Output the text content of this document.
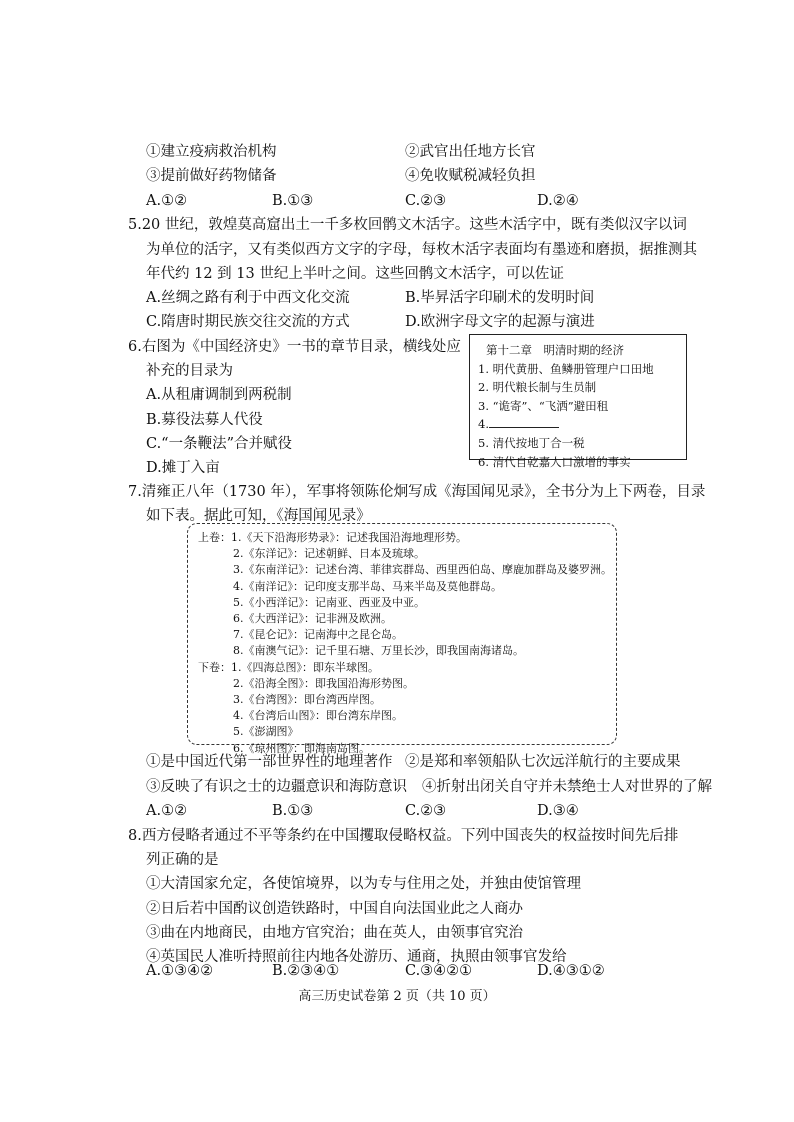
①建立疫病救治机构	②武官出任地方长官
③提前做好药物储备	④免收赋税减轻负担
A.①②	B.①③	C.②③	D.②④
5.20 世纪，敦煌莫高窟出土一千多枚回鹘文木活字。这些木活字中，既有类似汉字以词
为单位的活字，又有类似西方文字的字母，每枚木活字表面均有墨迹和磨损，据推测其
年代约 12 到 13 世纪上半叶之间。这些回鹘文木活字，可以佐证
A.丝绸之路有利于中西文化交流	B.毕昇活字印刷术的发明时间
C.隋唐时期民族交往交流的方式	D.欧洲字母文字的起源与演进
6.右图为《中国经济史》一书的章节目录，横线处应
补充的目录为
A.从租庸调制到两税制
B.募役法募人代役
C.“一条鞭法”合并赋役
D.摊丁入亩
第十二章　明清时期的经济
1. 明代黄册、鱼鳞册管理户口田地
2. 明代粮长制与生员制
3. “诡寄”、“飞洒”避田租
4.
5. 清代按地丁合一税
6. 清代自乾嘉人口激增的事实
7.清雍正八年（1730 年），军事将领陈伦炯写成《海国闻见录》，全书分为上下两卷，目录
如下表。据此可知，《海国闻见录》
上卷：1.《天下沿海形势录》：记述我国沿海地理形势。
2.《东洋记》：记述朝鲜、日本及琉球。
3.《东南洋记》：记述台湾、菲律宾群岛、西里西伯岛、摩鹿加群岛及婆罗洲。
4.《南洋记》：记印度支那半岛、马来半岛及莫他群岛。
5.《小西洋记》：记南亚、西亚及中亚。
6.《大西洋记》：记非洲及欧洲。
7.《昆仑记》：记南海中之昆仑岛。
8.《南澳气记》：记千里石塘、万里长沙，即我国南海诸岛。
下卷：1.《四海总图》：即东半球图。
2.《沿海全图》：即我国沿海形势图。
3.《台湾图》：即台湾西岸图。
4.《台湾后山图》：即台湾东岸图。
5.《澎湖图》
6.《琼州图》：即海南岛图。
①是中国近代第一部世界性的地理著作 ②是郑和率领船队七次远洋航行的主要成果
③反映了有识之士的边疆意识和海防意识 ④折射出闭关自守并未禁绝士人对世界的了解
A.①②	B.①③	C.②③	D.③④
8.西方侵略者通过不平等条约在中国攫取侵略权益。下列中国丧失的权益按时间先后排
列正确的是
①大清国家允定，各使馆境界，以为专与住用之处，并独由使馆管理
②日后若中国酌议创造铁路时，中国自向法国业此之人商办
③曲在内地商民，由地方官究治；曲在英人，由领事官究治
④英国民人准听持照前往内地各处游历、通商，执照由领事官发给
A.①③④②	B.②③④①	C.③④②①	D.④③①②
高三历史试卷第 2 页（共 10 页）
